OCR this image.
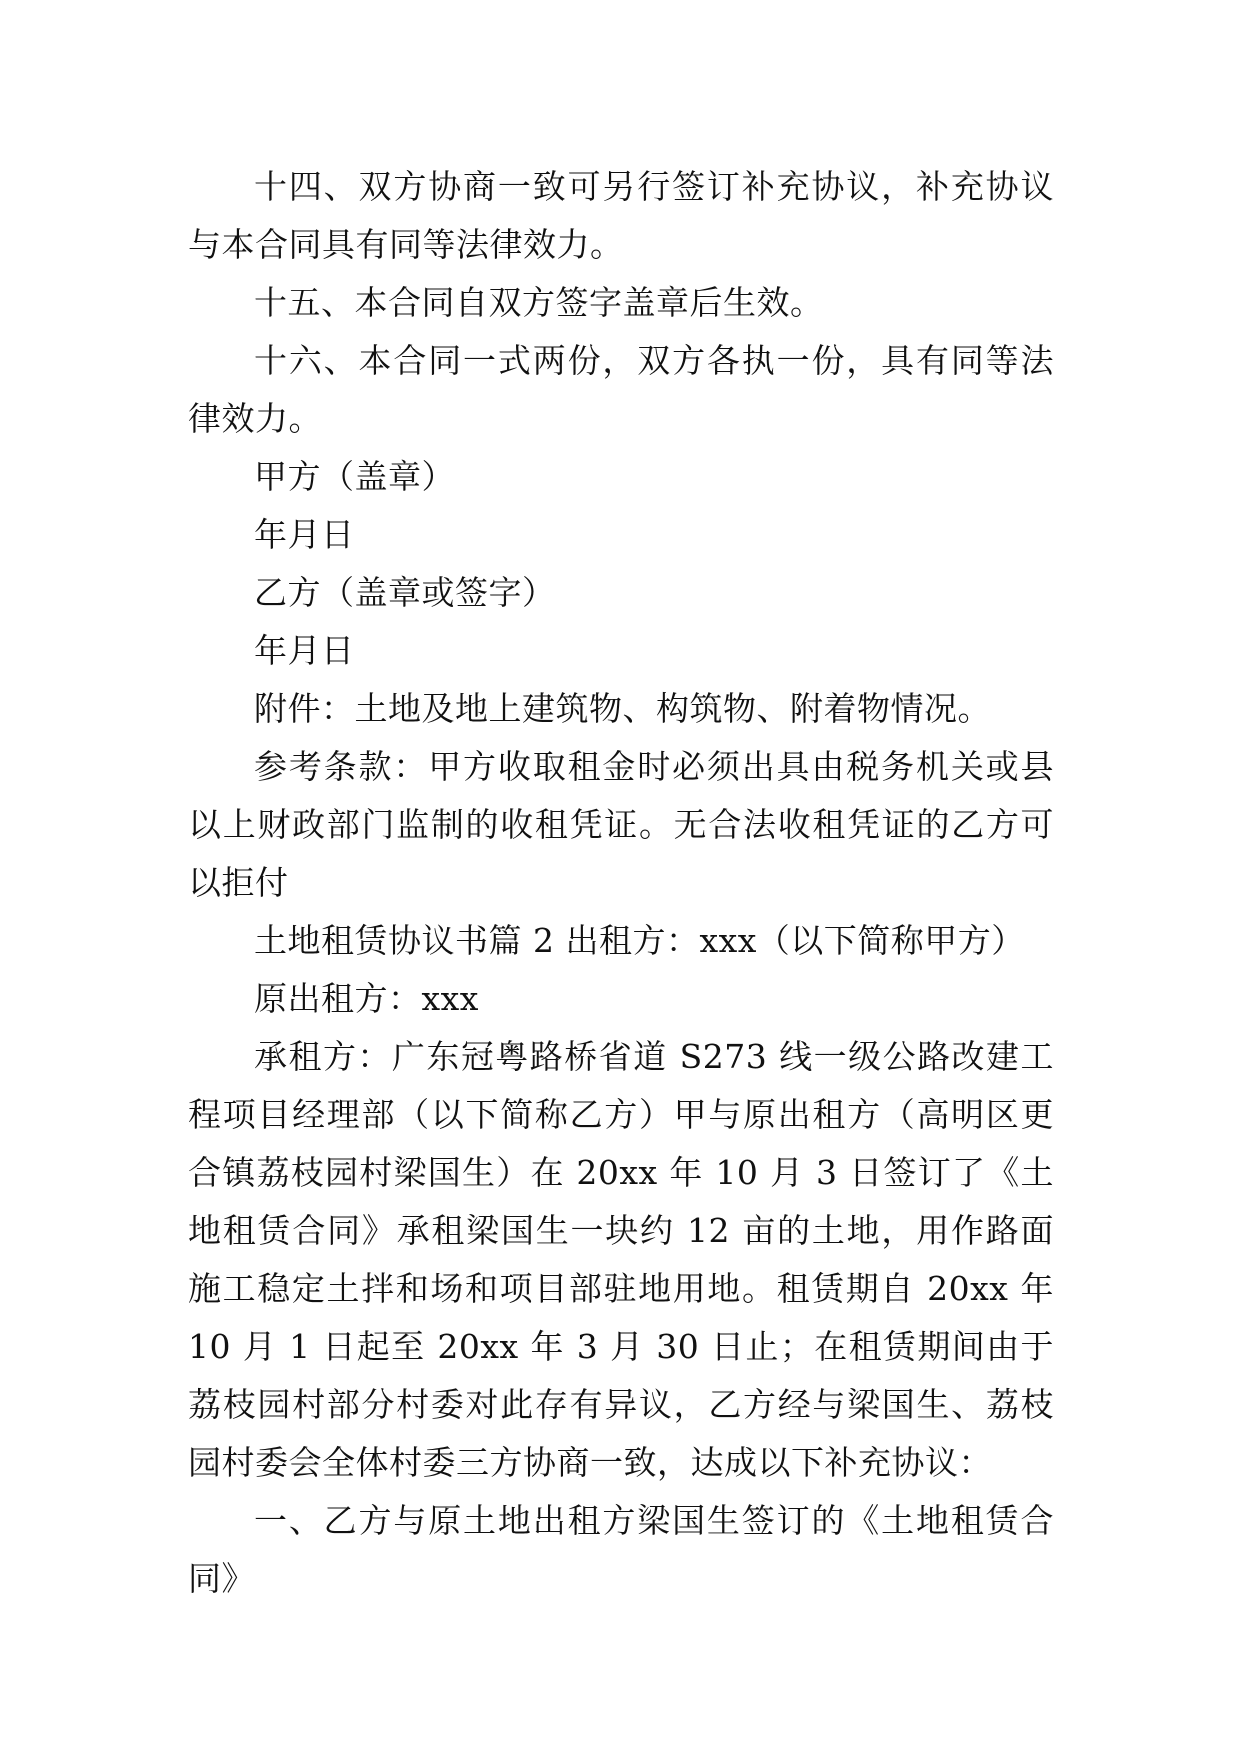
十四、双方协商一致可另行签订补充协议，补充协议与本合同具有同等法律效力。

十五、本合同自双方签字盖章后生效。

十六、本合同一式两份，双方各执一份，具有同等法律效力。

甲方（盖章）

年月日

乙方（盖章或签字）

年月日

附件：土地及地上建筑物、构筑物、附着物情况。

参考条款：甲方收取租金时必须出具由税务机关或县以上财政部门监制的收租凭证。无合法收租凭证的乙方可以拒付

土地租赁协议书篇 2 出租方：xxx（以下简称甲方）

原出租方：xxx

承租方：广东冠粤路桥省道 S273 线一级公路改建工程项目经理部（以下简称乙方）甲与原出租方（高明区更合镇荔枝园村梁国生）在 20xx 年 10 月 3 日签订了《土地租赁合同》承租梁国生一块约 12 亩的土地，用作路面施工稳定土拌和场和项目部驻地用地。租赁期自 20xx 年 10 月 1 日起至 20xx 年 3 月 30 日止；在租赁期间由于荔枝园村部分村委对此存有异议，乙方经与梁国生、荔枝园村委会全体村委三方协商一致，达成以下补充协议：

一、乙方与原土地出租方梁国生签订的《土地租赁合同》
